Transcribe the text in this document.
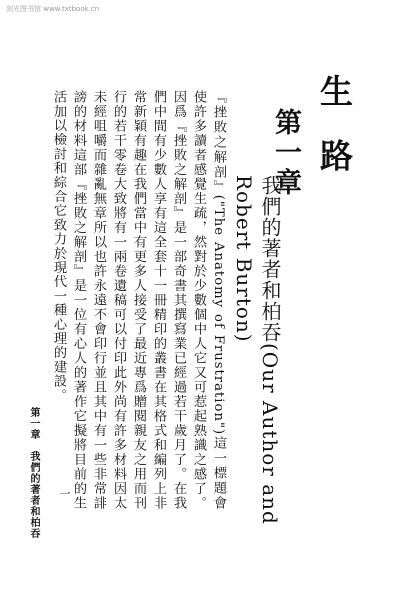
剑光图书馆 www.txtbook.cn
生 路
第一章
我們的著者和柏吞(Our Author and Robert Burton)
『挫敗之解剖』("The Anatomy of Frustration")這一標題會使許多讀者感覺生疏，然對於少數個中人它又可惹起熟識之感了。因爲『挫敗之解剖』是一部奇書其撰寫業已經過若干歲月了。在我們中間有少數人享有這全套十一冊精印的叢書在其格式和編列上非常新穎有趣在我們當中有更多人接受了最近專爲贈閱親友之用而刊行的若干零卷大致將有一兩卷遺稿可以付印此外尚有許多材料因太未經咀嚼而雜亂無章所以也許永遠不會印行並且其中有一些非常誹謗的材料這部『挫敗之解剖』是一位有心人的著作它擬將目前的生活加以檢討和綜合它致力於現代一種心理的建設。
第一章　我們的著者和柏吞 一
